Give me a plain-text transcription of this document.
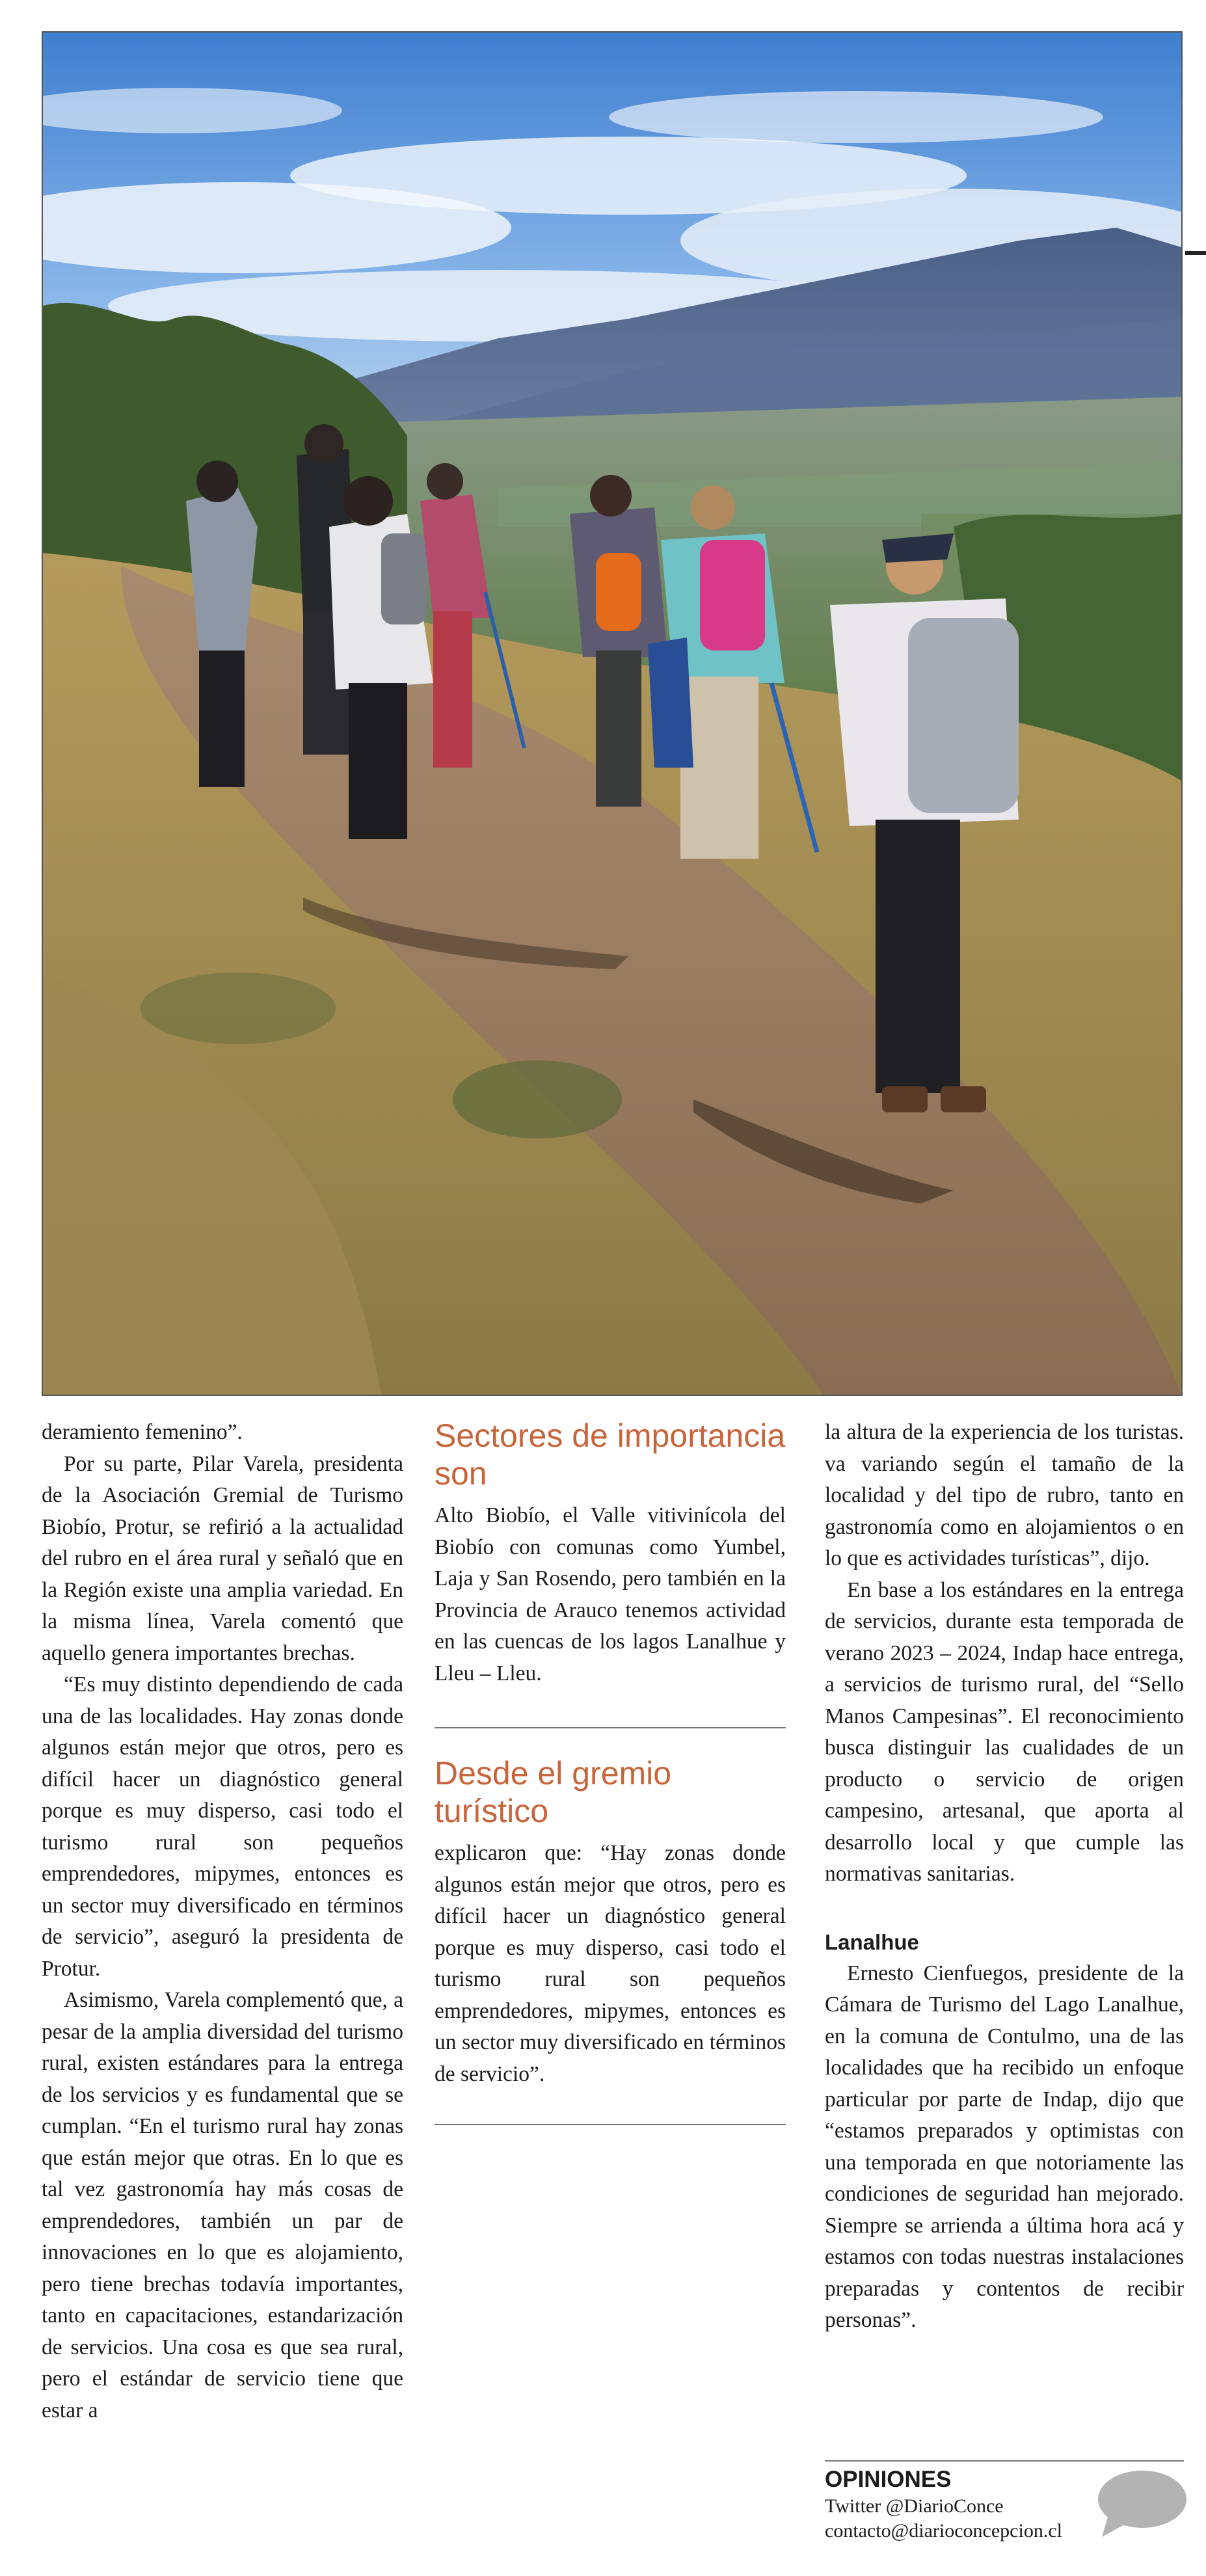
deramiento femenino”.

Por su parte, Pilar Varela, presidenta de la Asociación Gremial de Turismo Biobío, Protur, se refirió a la actualidad del rubro en el área rural y señaló que en la Región existe una amplia variedad. En la misma línea, Varela comentó que aquello genera importantes brechas.

“Es muy distinto dependiendo de cada una de las localidades. Hay zonas donde algunos están mejor que otros, pero es difícil hacer un diagnóstico general porque es muy disperso, casi todo el turismo rural son pequeños emprendedores, mipymes, entonces es un sector muy diversificado en términos de servicio”, aseguró la presidenta de Protur.

Asimismo, Varela complementó que, a pesar de la amplia diversidad del turismo rural, existen estándares para la entrega de los servicios y es fundamental que se cumplan. “En el turismo rural hay zonas que están mejor que otras. En lo que es tal vez gastronomía hay más cosas de emprendedores, también un par de innovaciones en lo que es alojamiento, pero tiene brechas todavía importantes, tanto en capacitaciones, estandarización de servicios. Una cosa es que sea rural, pero el estándar de servicio tiene que estar a

Sectores de importancia son

Alto Biobío, el Valle vitivinícola del Biobío con comunas como Yumbel, Laja y San Rosendo, pero también en la Provincia de Arauco tenemos actividad en las cuencas de los lagos Lanalhue y Lleu – Lleu.

Desde el gremio turístico

explicaron que: “Hay zonas donde algunos están mejor que otros, pero es difícil hacer un diagnóstico general porque es muy disperso, casi todo el turismo rural son pequeños emprendedores, mipymes, entonces es un sector muy diversificado en términos de servicio”.

la altura de la experiencia de los turistas. va variando según el tamaño de la localidad y del tipo de rubro, tanto en gastronomía como en alojamientos o en lo que es actividades turísticas”, dijo.

En base a los estándares en la entrega de servicios, durante esta temporada de verano 2023 – 2024, Indap hace entrega, a servicios de turismo rural, del “Sello Manos Campesinas”. El reconocimiento busca distinguir las cualidades de un producto o servicio de origen campesino, artesanal, que aporta al desarrollo local y que cumple las normativas sanitarias.

Lanalhue

Ernesto Cienfuegos, presidente de la Cámara de Turismo del Lago Lanalhue, en la comuna de Contulmo, una de las localidades que ha recibido un enfoque particular por parte de Indap, dijo que “estamos preparados y optimistas con una temporada en que notoriamente las condiciones de seguridad han mejorado. Siempre se arrienda a última hora acá y estamos con todas nuestras instalaciones preparadas y contentos de recibir personas”.

OPINIONES
Twitter @DiarioConce
contacto@diarioconcepcion.cl
